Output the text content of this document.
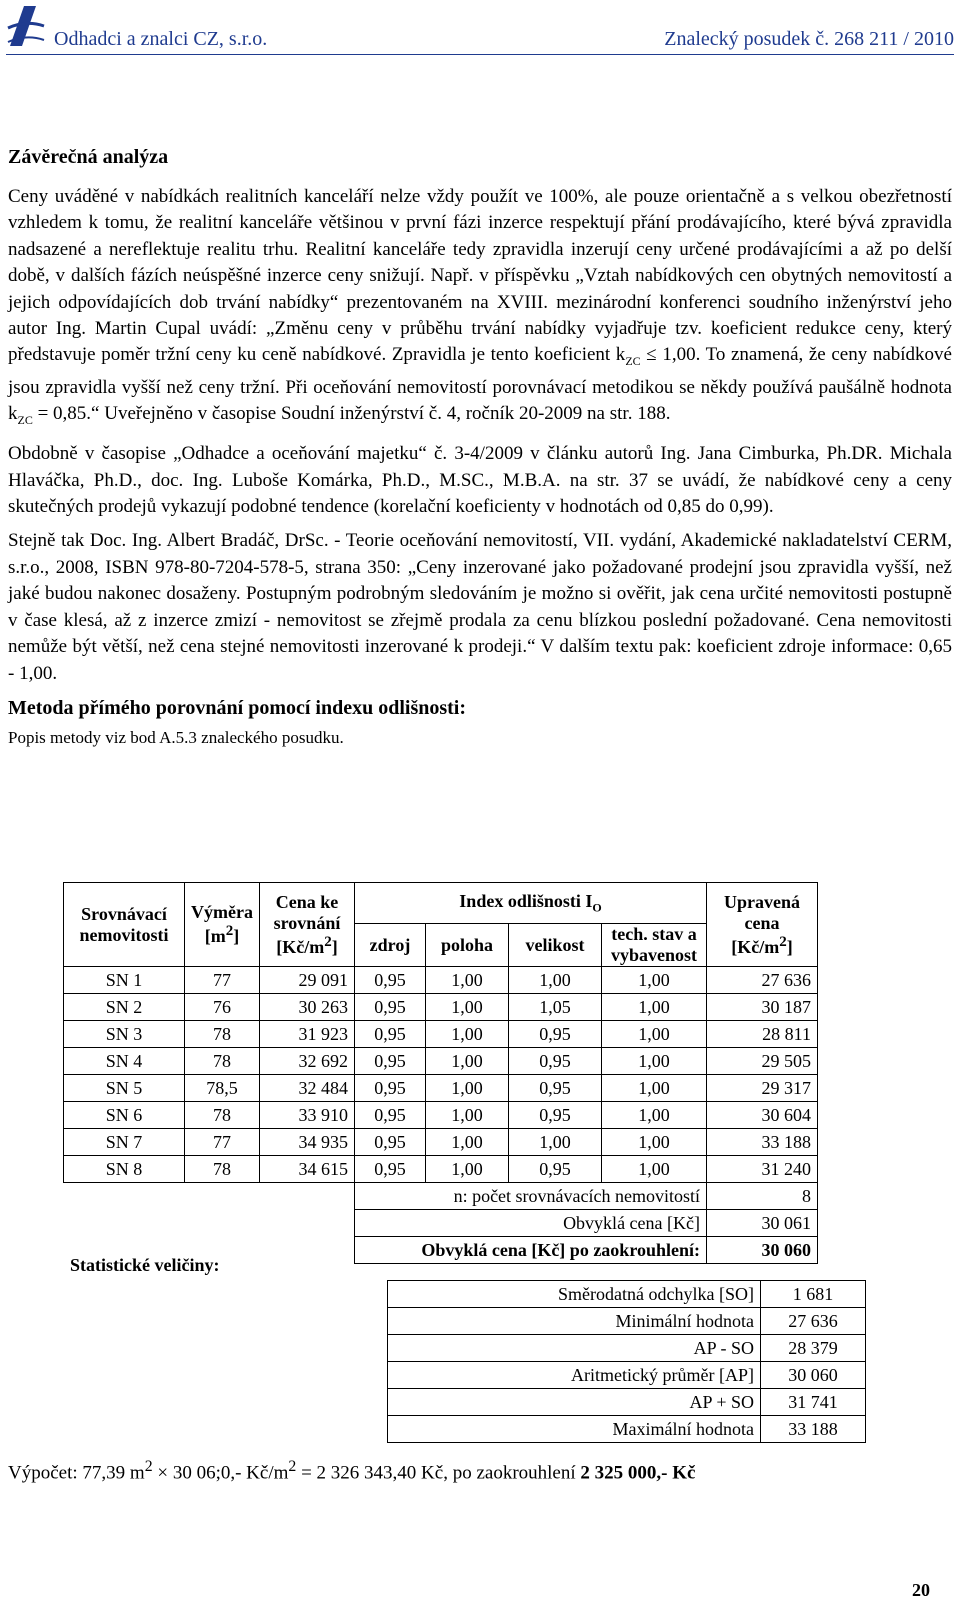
Odhadci a znalci CZ, s.r.o.	Znalecký posudek č. 268 211 / 2010
Závěrečná analýza

Ceny uváděné v nabídkách realitních kanceláří nelze vždy použít ve 100%, ale pouze orientačně a s velkou obezřetností vzhledem k tomu, že realitní kanceláře většinou v první fázi inzerce respektují přání prodávajícího, které bývá zpravidla nadsazené a nereflektuje realitu trhu. Realitní kanceláře tedy zpravidla inzerují ceny určené prodávajícími a až po delší době, v dalších fázích neúspěšné inzerce ceny snižují. Např. v příspěvku „Vztah nabídkových cen obytných nemovitostí a jejich odpovídajících dob trvání nabídky“ prezentovaném na XVIII. mezinárodní konferenci soudního inženýrství jeho autor Ing. Martin Cupal uvádí: „Změnu ceny v průběhu trvání nabídky vyjadřuje tzv. koeficient redukce ceny, který představuje poměr tržní ceny ku ceně nabídkové. Zpravidla je tento koeficient $k_{ZC} \le 1,00$. To znamená, že ceny nabídkové jsou zpravidla vyšší než ceny tržní. Při oceňování nemovitostí porovnávací metodikou se někdy používá paušálně hodnota $k_{ZC}$ = 0,85.“ Uveřejněno v časopise Soudní inženýrství č. 4, ročník 20-2009 na str. 188.

Obdobně v časopise „Odhadce a oceňování majetku“ č. 3-4/2009 v článku autorů Ing. Jana Cimburka, Ph.DR. Michala Hlaváčka, Ph.D., doc. Ing. Luboše Komárka, Ph.D., M.SC., M.B.A. na str. 37 se uvádí, že nabídkové ceny a ceny skutečných prodejů vykazují podobné tendence (korelační koeficienty v hodnotách od 0,85 do 0,99).

Stejně tak Doc. Ing. Albert Bradáč, DrSc. - Teorie oceňování nemovitostí, VII. vydání, Akademické nakladatelství CERM, s.r.o., 2008, ISBN 978-80-7204-578-5, strana 350: „Ceny inzerované jako požadované prodejní jsou zpravidla vyšší, než jaké budou nakonec dosaženy. Postupným podrobným sledováním je možno si ověřit, jak cena určité nemovitosti postupně v čase klesá, až z inzerce zmizí - nemovitost se zřejmě prodala za cenu blízkou poslední požadované. Cena nemovitosti nemůže být větší, než cena stejné nemovitosti inzerované k prodeji.“ V dalším textu pak: koeficient zdroje informace: 0,65 - 1,00.

Metoda přímého porovnání pomocí indexu odlišnosti:

Popis metody viz bod A.5.3 znaleckého posudku.

Srovnávací nemovitosti	Výměra $[m^2]$	Cena ke srovnání $[Kč/m^2]$	Index odlišnosti $I_O$				Upravená cena $[Kč/m^2]$
			zdroj	poloha	velikost	tech. stav a vybavenost	
SN 1	77	29 091	0,95	1,00	1,00	1,00	27 636
SN 2	76	30 263	0,95	1,00	1,05	1,00	30 187
SN 3	78	31 923	0,95	1,00	0,95	1,00	28 811
SN 4	78	32 692	0,95	1,00	0,95	1,00	29 505
SN 5	78,5	32 484	0,95	1,00	0,95	1,00	29 317
SN 6	78	33 910	0,95	1,00	0,95	1,00	30 604
SN 7	77	34 935	0,95	1,00	1,00	1,00	33 188
SN 8	78	34 615	0,95	1,00	0,95	1,00	31 240
			n: počet srovnávacích nemovitostí				8
			Obvyklá cena [Kč]				30 061
			Obvyklá cena [Kč] po zaokrouhlení:				30 060
Statistické veličiny:
Směrodatná odchylka [SO]	1 681
Minimální hodnota	27 636
AP - SO	28 379
Aritmetický průměr [AP]	30 060
AP + SO	31 741
Maximální hodnota	33 188
Výpočet: 77,39 $m^2 \times 30$ 06;0,- $Kč/m^2 = 2$ 326 343,40 Kč, po zaokrouhlení 2 325 000,- Kč
20
